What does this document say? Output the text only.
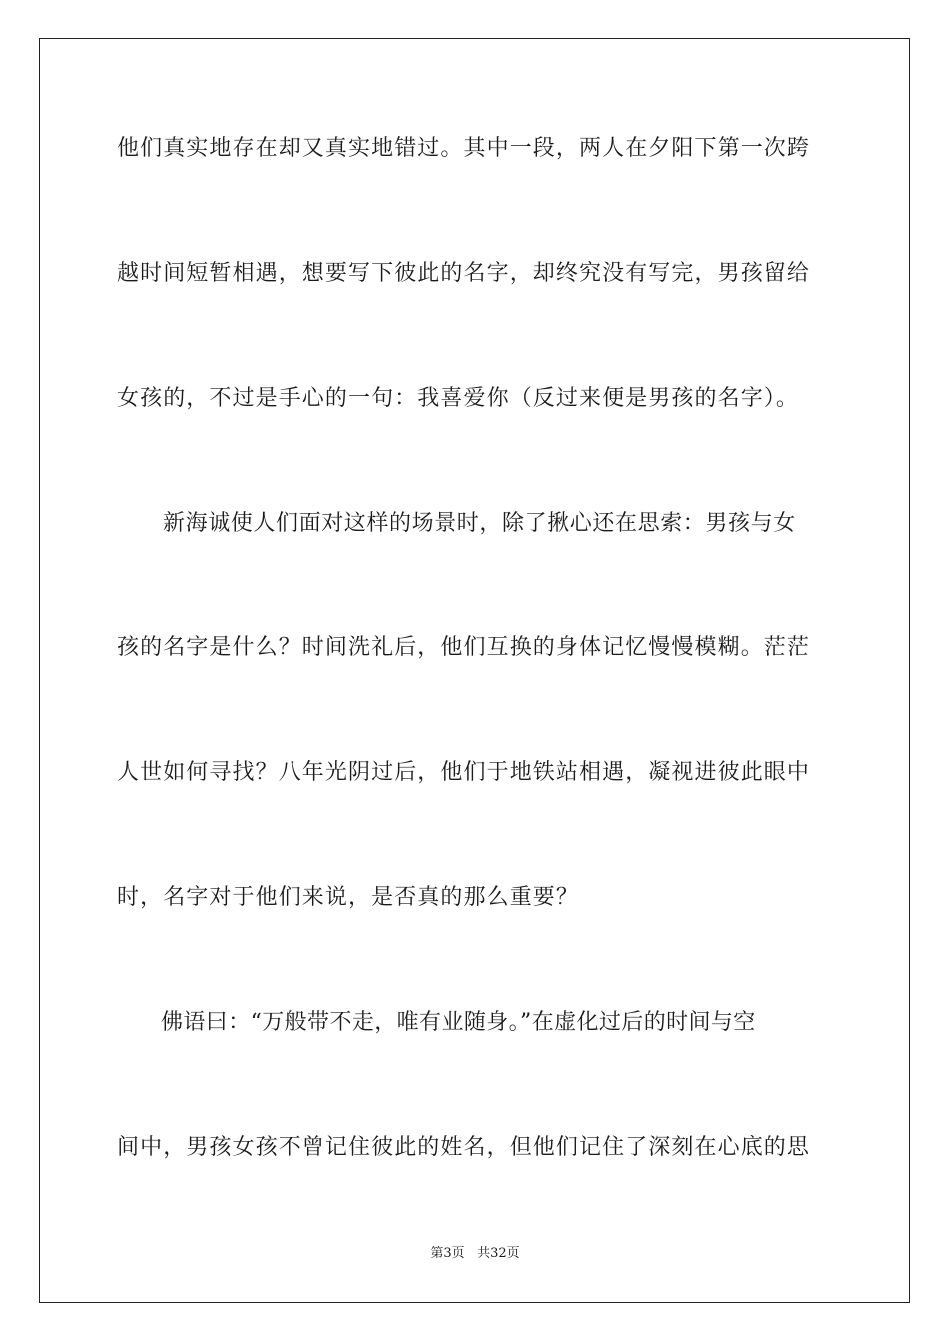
他们真实地存在却又真实地错过。其中一段，两人在夕阳下第一次跨
越时间短暂相遇，想要写下彼此的名字，却终究没有写完，男孩留给
女孩的，不过是手心的一句：我喜爱你（反过来便是男孩的名字）。
新海诚使人们面对这样的场景时，除了揪心还在思索：男孩与女
孩的名字是什么？时间洗礼后，他们互换的身体记忆慢慢模糊。茫茫
人世如何寻找？八年光阴过后，他们于地铁站相遇，凝视进彼此眼中
时，名字对于他们来说，是否真的那么重要？
佛语曰：“万般带不走，唯有业随身。”在虚化过后的时间与空
间中，男孩女孩不曾记住彼此的姓名，但他们记住了深刻在心底的思
第3页 共32页
